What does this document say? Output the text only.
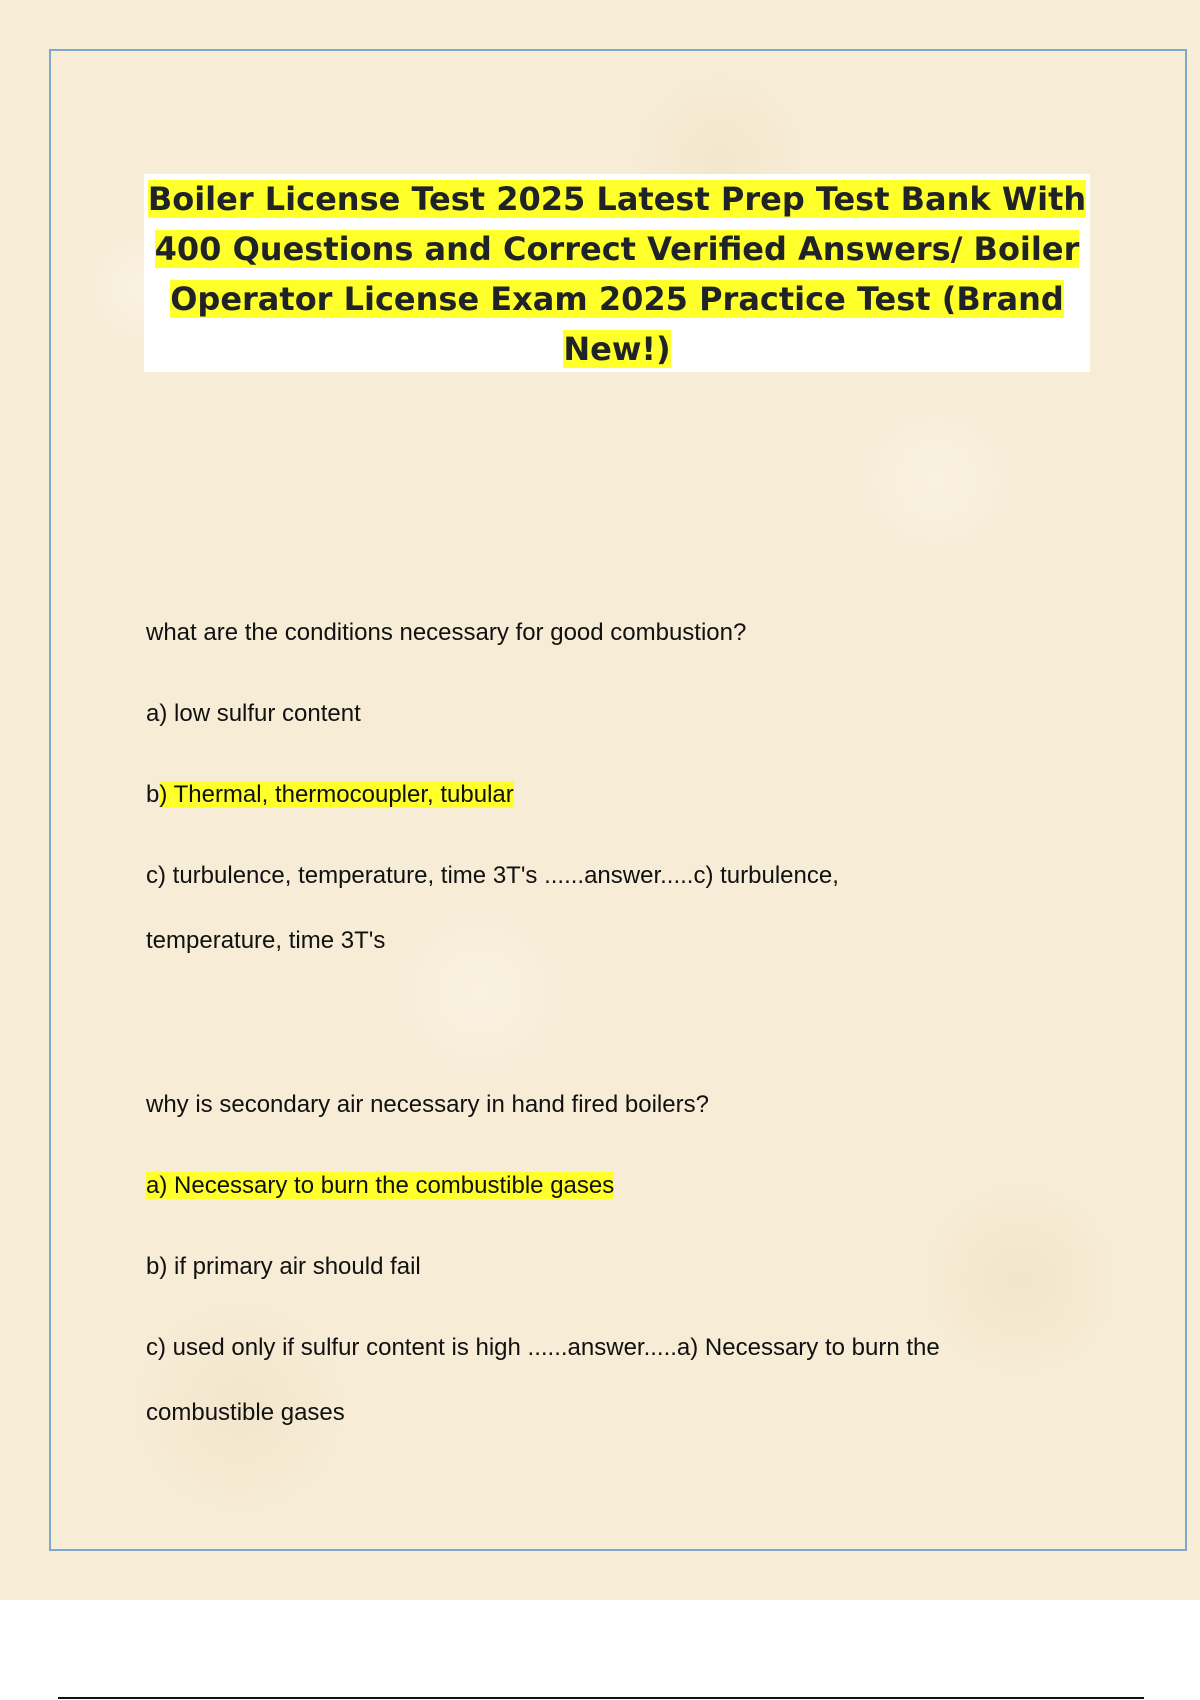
Boiler License Test 2025 Latest Prep Test Bank With
400 Questions and Correct Verified Answers/ Boiler
Operator License Exam 2025 Practice Test (Brand
New!)
what are the conditions necessary for good combustion?
a) low sulfur content
b) Thermal, thermocoupler, tubular
c) turbulence, temperature, time 3T's ......answer.....c) turbulence,
temperature, time 3T's
why is secondary air necessary in hand fired boilers?
a) Necessary to burn the combustible gases
b) if primary air should fail
c) used only if sulfur content is high ......answer.....a) Necessary to burn the
combustible gases
